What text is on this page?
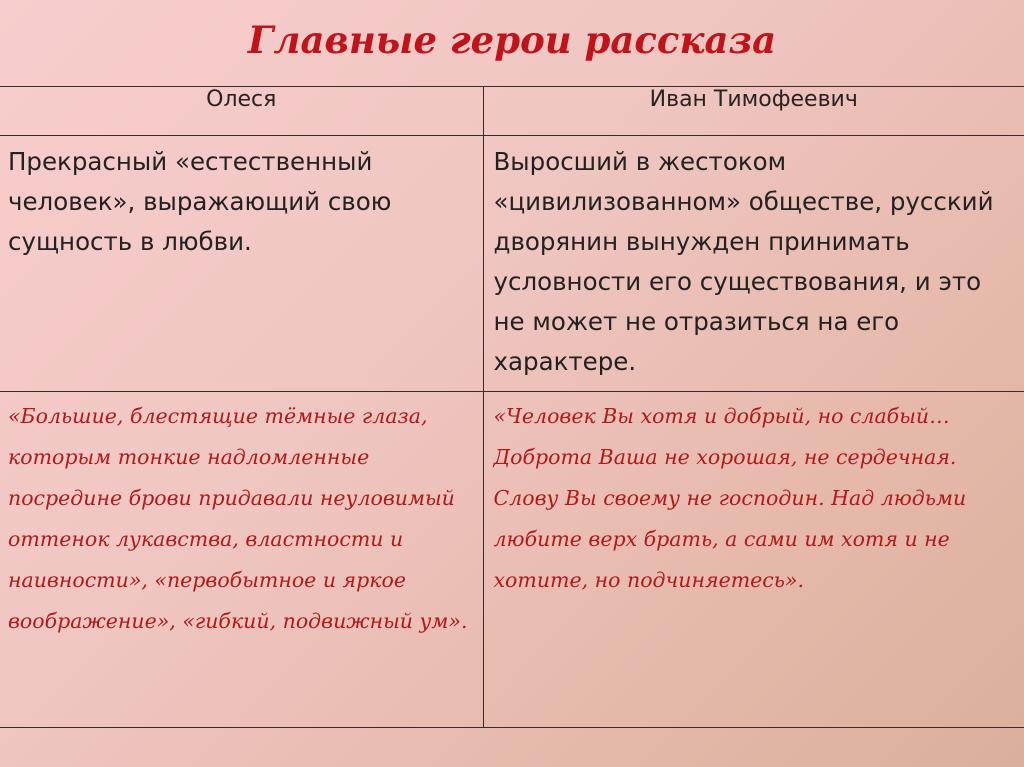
Главные герои рассказа
Олеся	Иван Тимофеевич

Прекрасный «естественный человек», выражающий свою сущность в любви.	Выросший в жестоком «цивилизованном» обществе, русский дворянин вынужден принимать условности его существования, и это не может не отразиться на его характере.

«Большие, блестящие тёмные глаза, которым тонкие надломленные посредине брови придавали неуловимый оттенок лукавства, властности и наивности», «первобытное и яркое воображение», «гибкий, подвижный ум».	«Человек Вы хотя и добрый, но слабый… Доброта Ваша не хорошая, не сердечная. Слову Вы своему не господин. Над людьми любите верх брать, а сами им хотя и не хотите, но подчиняетесь».
